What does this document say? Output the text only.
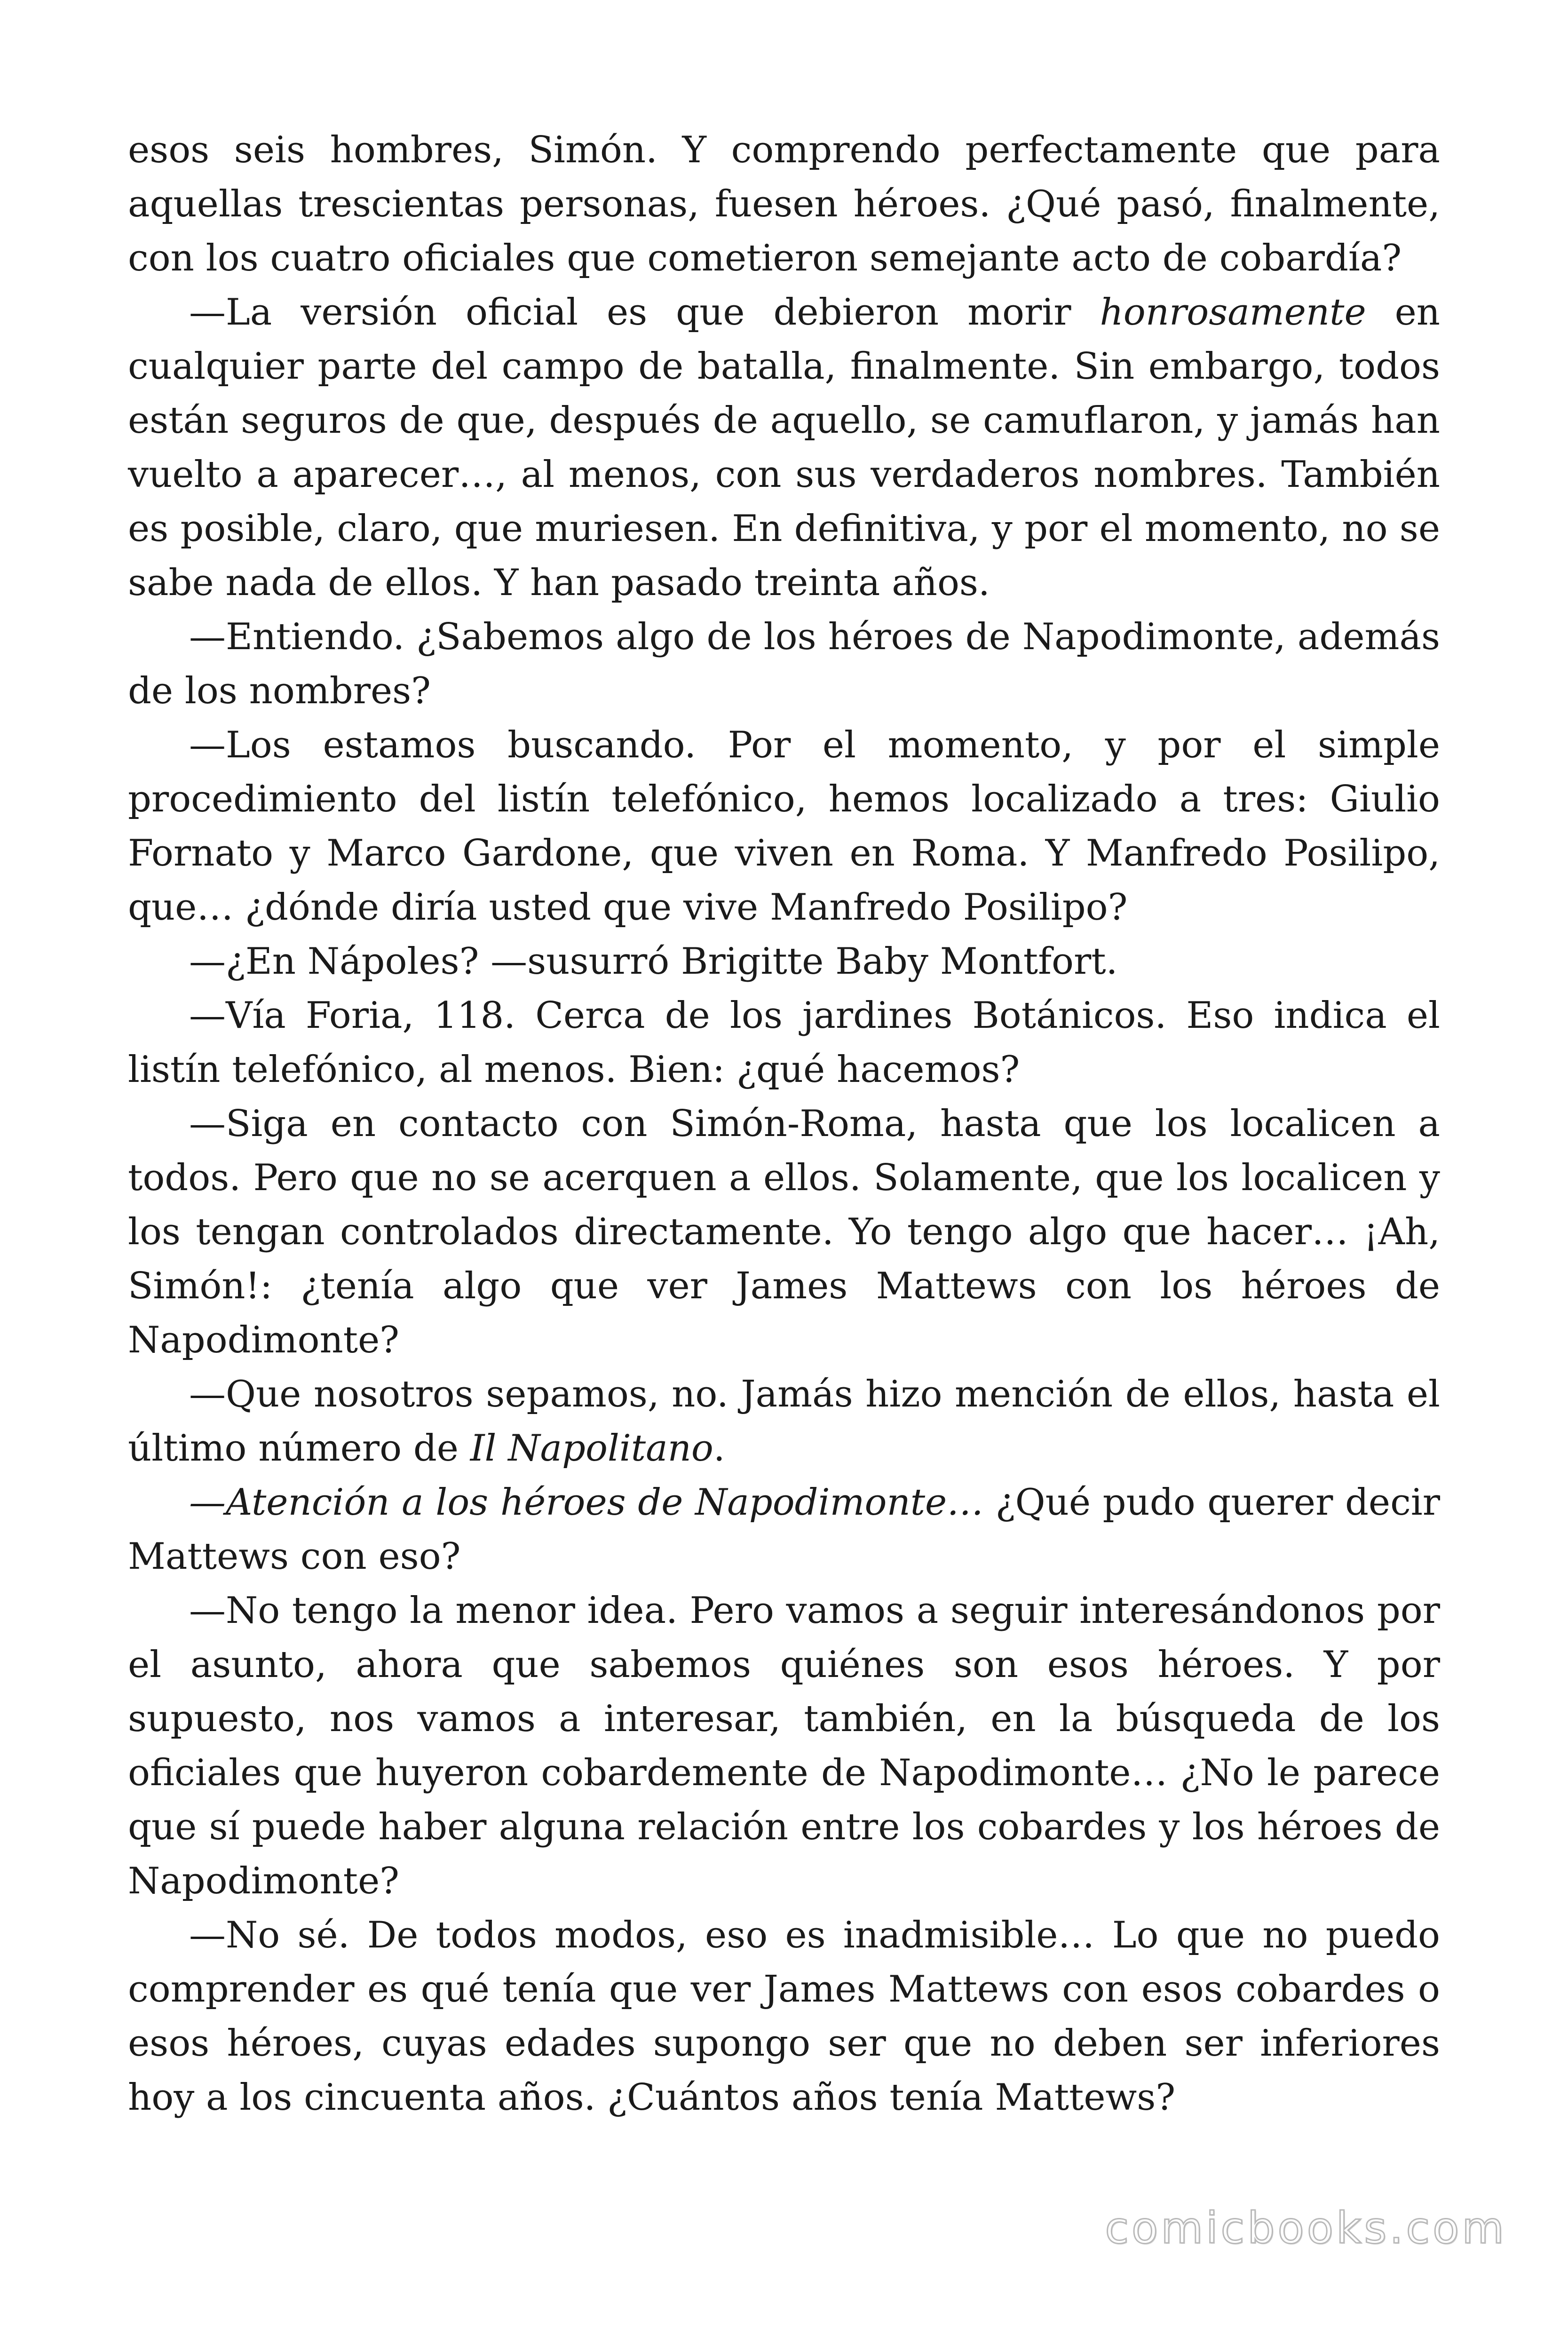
esos seis hombres, Simón. Y comprendo perfectamente que para aquellas trescientas personas, fuesen héroes. ¿Qué pasó, finalmente, con los cuatro oficiales que cometieron semejante acto de cobardía?

—La versión oficial es que debieron morir honrosamente en cualquier parte del campo de batalla, finalmente. Sin embargo, todos están seguros de que, después de aquello, se camuflaron, y jamás han vuelto a aparecer…, al menos, con sus verdaderos nombres. También es posible, claro, que muriesen. En definitiva, y por el momento, no se sabe nada de ellos. Y han pasado treinta años.

—Entiendo. ¿Sabemos algo de los héroes de Napodimonte, además de los nombres?

—Los estamos buscando. Por el momento, y por el simple procedimiento del listín telefónico, hemos localizado a tres: Giulio Fornato y Marco Gardone, que viven en Roma. Y Manfredo Posilipo, que… ¿dónde diría usted que vive Manfredo Posilipo?

—¿En Nápoles? —susurró Brigitte Baby Montfort.

—Vía Foria, 118. Cerca de los jardines Botánicos. Eso indica el listín telefónico, al menos. Bien: ¿qué hacemos?

—Siga en contacto con Simón-Roma, hasta que los localicen a todos. Pero que no se acerquen a ellos. Solamente, que los localicen y los tengan controlados directamente. Yo tengo algo que hacer… ¡Ah, Simón!: ¿tenía algo que ver James Mattews con los héroes de Napodimonte?

—Que nosotros sepamos, no. Jamás hizo mención de ellos, hasta el último número de Il Napolitano.

—Atención a los héroes de Napodimonte… ¿Qué pudo querer decir Mattews con eso?

—No tengo la menor idea. Pero vamos a seguir interesándonos por el asunto, ahora que sabemos quiénes son esos héroes. Y por supuesto, nos vamos a interesar, también, en la búsqueda de los oficiales que huyeron cobardemente de Napodimonte… ¿No le parece que sí puede haber alguna relación entre los cobardes y los héroes de Napodimonte?

—No sé. De todos modos, eso es inadmisible… Lo que no puedo comprender es qué tenía que ver James Mattews con esos cobardes o esos héroes, cuyas edades supongo ser que no deben ser inferiores hoy a los cincuenta años. ¿Cuántos años tenía Mattews?

comicbooks.com
